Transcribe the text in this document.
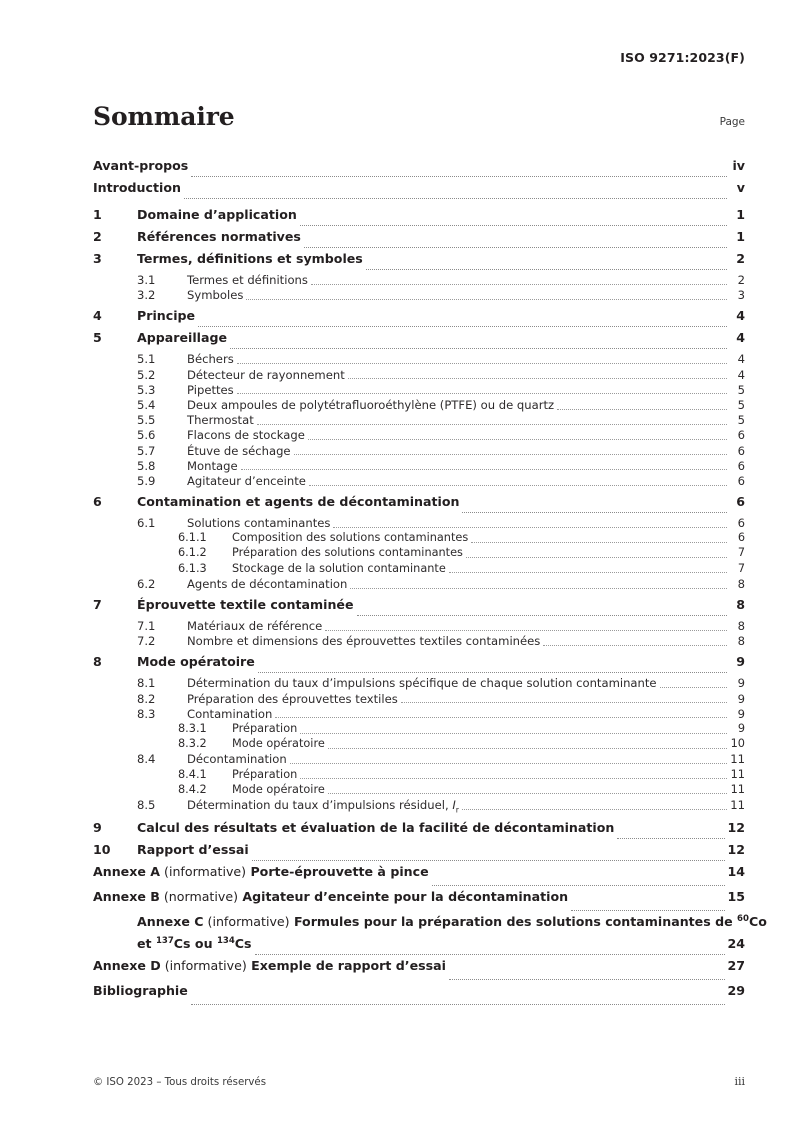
ISO 9271:2023(F)
Sommaire	Page
Avant-propos	iv
Introduction	v
1	Domaine d’application	1
2	Références normatives	1
3	Termes, définitions et symboles	2
3.1	Termes et définitions	2
3.2	Symboles	3
4	Principe	4
5	Appareillage	4
5.1	Béchers	4
5.2	Détecteur de rayonnement	4
5.3	Pipettes	5
5.4	Deux ampoules de polytétrafluoroéthylène (PTFE) ou de quartz	5
5.5	Thermostat	5
5.6	Flacons de stockage	6
5.7	Étuve de séchage	6
5.8	Montage	6
5.9	Agitateur d’enceinte	6
6	Contamination et agents de décontamination	6
6.1	Solutions contaminantes	6
6.1.1	Composition des solutions contaminantes	6
6.1.2	Préparation des solutions contaminantes	7
6.1.3	Stockage de la solution contaminante	7
6.2	Agents de décontamination	8
7	Éprouvette textile contaminée	8
7.1	Matériaux de référence	8
7.2	Nombre et dimensions des éprouvettes textiles contaminées	8
8	Mode opératoire	9
8.1	Détermination du taux d’impulsions spécifique de chaque solution contaminante	9
8.2	Préparation des éprouvettes textiles	9
8.3	Contamination	9
8.3.1	Préparation	9
8.3.2	Mode opératoire	10
8.4	Décontamination	11
8.4.1	Préparation	11
8.4.2	Mode opératoire	11
8.5	Détermination du taux d’impulsions résiduel, $I_r$	11
9	Calcul des résultats et évaluation de la facilité de décontamination	12
10	Rapport d’essai	12
Annexe A (informative) Porte-éprouvette à pince	14
Annexe B (normative) Agitateur d’enceinte pour la décontamination	15
Annexe C (informative) Formules pour la préparation des solutions contaminantes de $^{60}$Co
et $^{137}$Cs ou $^{134}$Cs	24
Annexe D (informative) Exemple de rapport d’essai	27
Bibliographie	29
© ISO 2023 – Tous droits réservés	iii
